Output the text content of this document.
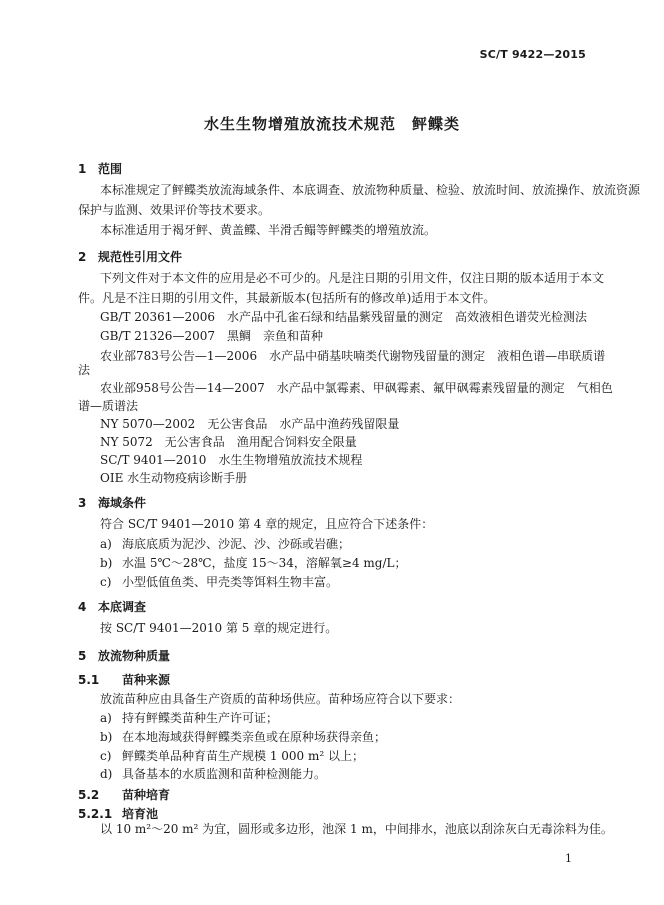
SC/T 9422—2015
水生生物增殖放流技术规范　鲆鲽类
1 范围
本标准规定了鲆鲽类放流海域条件、本底调查、放流物种质量、检验、放流时间、放流操作、放流资源
保护与监测、效果评价等技术要求。
本标准适用于褐牙鲆、黄盖鲽、半滑舌鳎等鲆鲽类的增殖放流。
2 规范性引用文件
下列文件对于本文件的应用是必不可少的。凡是注日期的引用文件，仅注日期的版本适用于本文
件。凡是不注日期的引用文件，其最新版本(包括所有的修改单)适用于本文件。
GB/T 20361—2006　水产品中孔雀石绿和结晶紫残留量的测定　高效液相色谱荧光检测法
GB/T 21326—2007　黑鲷　亲鱼和苗种
农业部783号公告—1—2006　水产品中硝基呋喃类代谢物残留量的测定　液相色谱—串联质谱
法
农业部958号公告—14—2007　水产品中氯霉素、甲砜霉素、氟甲砜霉素残留量的测定　气相色
谱—质谱法
NY 5070—2002　无公害食品　水产品中渔药残留限量
NY 5072　无公害食品　渔用配合饲料安全限量
SC/T 9401—2010　水生生物增殖放流技术规程
OIE 水生动物疫病诊断手册
3 海域条件
符合 SC/T 9401—2010 第 4 章的规定，且应符合下述条件：
a) 海底底质为泥沙、沙泥、沙、沙砾或岩礁；
b) 水温 5℃～28℃，盐度 15～34，溶解氧≥4 mg/L；
c) 小型低值鱼类、甲壳类等饵料生物丰富。
4 本底调查
按 SC/T 9401—2010 第 5 章的规定进行。
5 放流物种质量
5.1 苗种来源
放流苗种应由具备生产资质的苗种场供应。苗种场应符合以下要求：
a) 持有鲆鲽类苗种生产许可证；
b) 在本地海域获得鲆鲽类亲鱼或在原种场获得亲鱼；
c) 鲆鲽类单品种育苗生产规模 1 000 m² 以上；
d) 具备基本的水质监测和苗种检测能力。
5.2 苗种培育
5.2.1 培育池
以 10 m²～20 m² 为宜，圆形或多边形，池深 1 m，中间排水，池底以刮涂灰白无毒涂料为佳。
1
